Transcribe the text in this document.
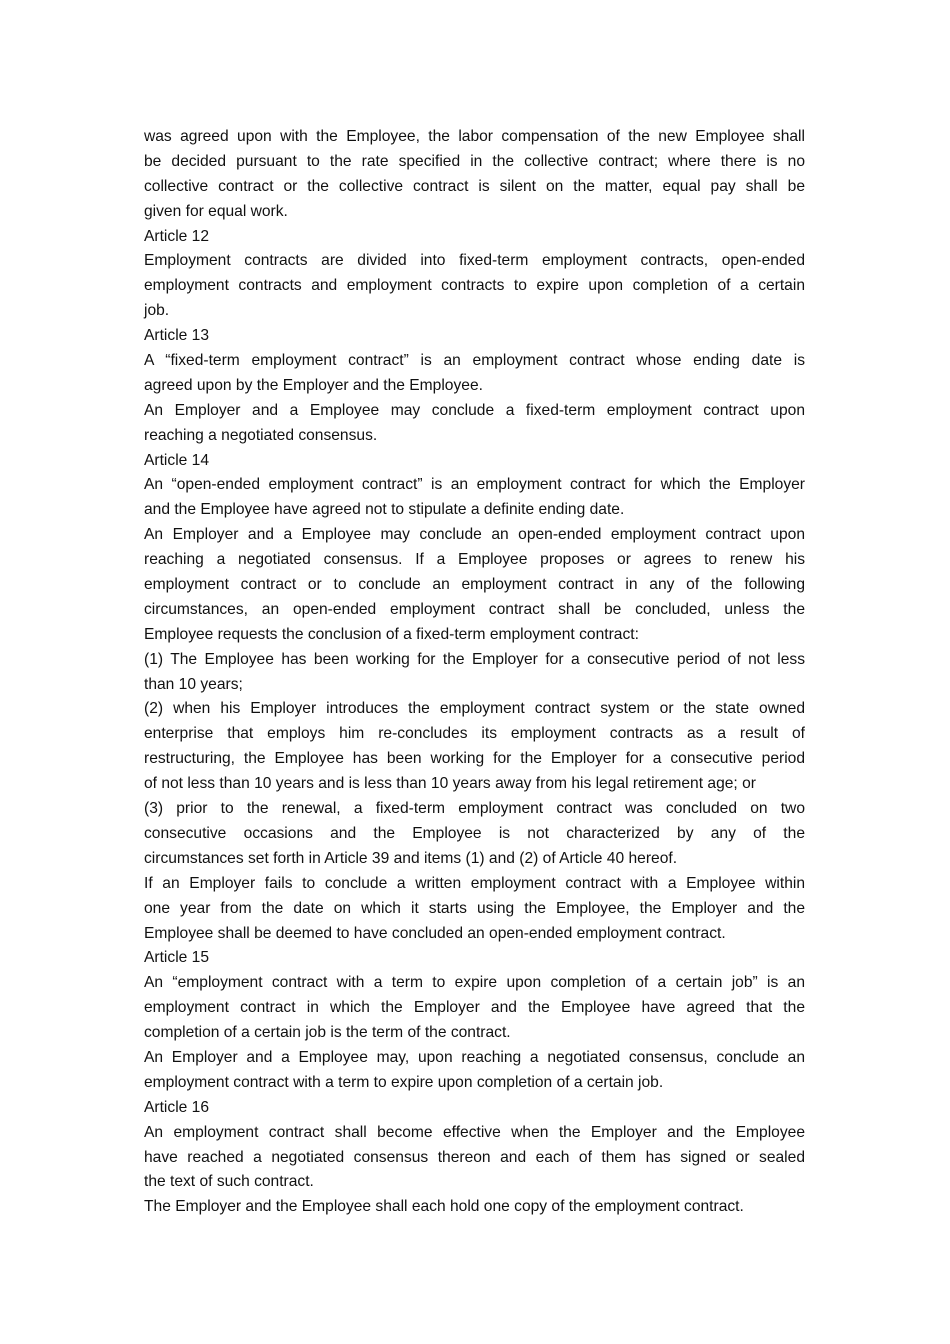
was agreed upon with the Employee, the labor compensation of the new Employee shall
be decided pursuant to the rate specified in the collective contract; where there is no
collective contract or the collective contract is silent on the matter, equal pay shall be
given for equal work.
Article 12
Employment contracts are divided into fixed-term employment contracts, open-ended
employment contracts and employment contracts to expire upon completion of a certain
job.
Article 13
A “fixed-term employment contract” is an employment contract whose ending date is
agreed upon by the Employer and the Employee.
An Employer and a Employee may conclude a fixed-term employment contract upon
reaching a negotiated consensus.
Article 14
An “open-ended employment contract” is an employment contract for which the Employer
and the Employee have agreed not to stipulate a definite ending date.
An Employer and a Employee may conclude an open-ended employment contract upon
reaching a negotiated consensus. If a Employee proposes or agrees to renew his
employment contract or to conclude an employment contract in any of the following
circumstances, an open-ended employment contract shall be concluded, unless the
Employee requests the conclusion of a fixed-term employment contract:
(1) The Employee has been working for the Employer for a consecutive period of not less
than 10 years;
(2) when his Employer introduces the employment contract system or the state owned
enterprise that employs him re-concludes its employment contracts as a result of
restructuring, the Employee has been working for the Employer for a consecutive period
of not less than 10 years and is less than 10 years away from his legal retirement age; or
(3) prior to the renewal, a fixed-term employment contract was concluded on two
consecutive occasions and the Employee is not characterized by any of the
circumstances set forth in Article 39 and items (1) and (2) of Article 40 hereof.
If an Employer fails to conclude a written employment contract with a Employee within
one year from the date on which it starts using the Employee, the Employer and the
Employee shall be deemed to have concluded an open-ended employment contract.
Article 15
An “employment contract with a term to expire upon completion of a certain job” is an
employment contract in which the Employer and the Employee have agreed that the
completion of a certain job is the term of the contract.
An Employer and a Employee may, upon reaching a negotiated consensus, conclude an
employment contract with a term to expire upon completion of a certain job.
Article 16
An employment contract shall become effective when the Employer and the Employee
have reached a negotiated consensus thereon and each of them has signed or sealed
the text of such contract.
The Employer and the Employee shall each hold one copy of the employment contract.
